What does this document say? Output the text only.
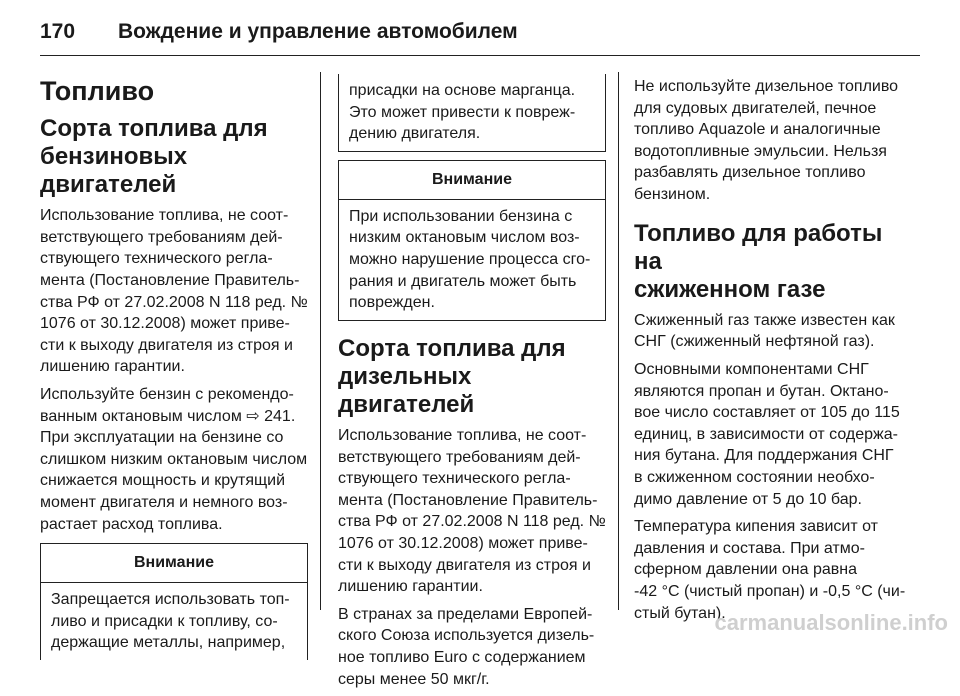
170 Вождение и управление автомобилем
Топливо
Сорта топлива для
бензиновых двигателей

Использование топлива, не соот-
ветствующего требованиям дей-
ствующего технического регла-
мента (Постановление Правитель-
ства РФ от 27.02.2008 N 118 ред. №
1076 от 30.12.2008) может приве-
сти к выходу двигателя из строя и
лишению гарантии.

Используйте бензин с рекомендо-
ванным октановым числом ⇨ 241.
При эксплуатации на бензине со
слишком низким октановым числом
снижается мощность и крутящий
момент двигателя и немного воз-
растает расход топлива.

Внимание

Запрещается использовать топ-
ливо и присадки к топливу, со-
держащие металлы, например,

присадки на основе марганца.
Это может привести к повреж-
дению двигателя.

Внимание

При использовании бензина с
низким октановым числом воз-
можно нарушение процесса сго-
рания и двигатель может быть
поврежден.

Сорта топлива для
дизельных двигателей

Использование топлива, не соот-
ветствующего требованиям дей-
ствующего технического регла-
мента (Постановление Правитель-
ства РФ от 27.02.2008 N 118 ред. №
1076 от 30.12.2008) может приве-
сти к выходу двигателя из строя и
лишению гарантии.

В странах за пределами Европей-
ского Союза используется дизель-
ное топливо Euro с содержанием
серы менее 50 мкг/г.

Не используйте дизельное топливо
для судовых двигателей, печное
топливо Aquazole и аналогичные
водотопливные эмульсии. Нельзя
разбавлять дизельное топливо
бензином.

Топливо для работы на
сжиженном газе

Сжиженный газ также известен как
СНГ (сжиженный нефтяной газ).

Основными компонентами СНГ
являются пропан и бутан. Октано-
вое число составляет от 105 до 115
единиц, в зависимости от содержа-
ния бутана. Для поддержания СНГ
в сжиженном состоянии необхо-
димо давление от 5 до 10 бар.

Температура кипения зависит от
давления и состава. При атмо-
сферном давлении она равна
-42 °C (чистый пропан) и -0,5 °C (чи-
стый бутан).

carmanualsonline.info
